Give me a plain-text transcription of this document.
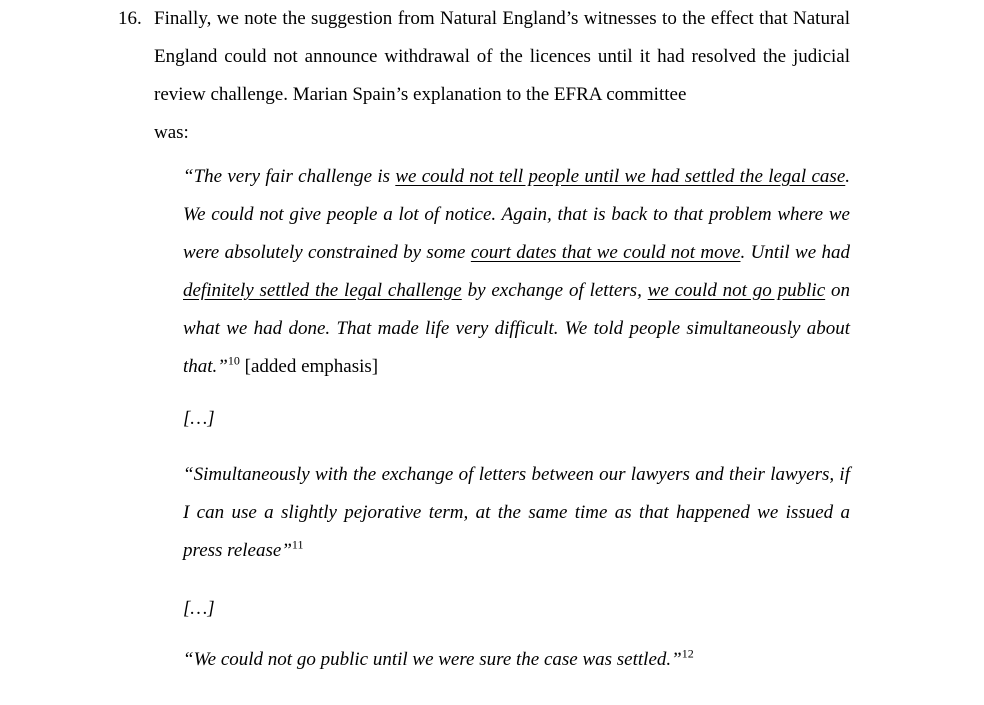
16. Finally, we note the suggestion from Natural England’s witnesses to the effect that Natural England could not announce withdrawal of the licences until it had resolved the judicial review challenge. Marian Spain’s explanation to the EFRA committee
was:
“The very fair challenge is we could not tell people until we had settled the legal case. We could not give people a lot of notice. Again, that is back to that problem where we were absolutely constrained by some court dates that we could not move. Until we had definitely settled the legal challenge by exchange of letters, we could not go public on what we had done. That made life very difficult. We told people simultaneously about that.”$^{10}$ [added emphasis]
[…]
“Simultaneously with the exchange of letters between our lawyers and their lawyers, if I can use a slightly pejorative term, at the same time as that happened we issued a press release”$^{11}$
[…]
“We could not go public until we were sure the case was settled.”$^{12}$
